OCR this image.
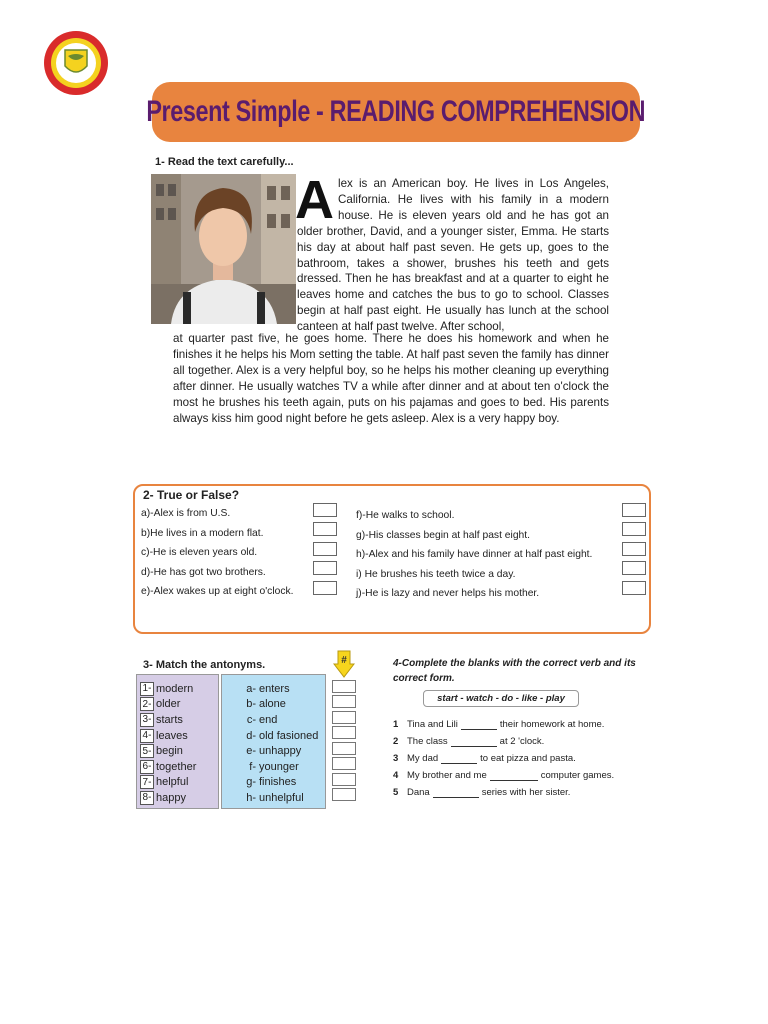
Present Simple - READING COMPREHENSION
1- Read the text carefully...
A lex is an American boy. He lives in Los Angeles, California. He lives with his family in a modern house. He is eleven years old and he has got an older brother, David, and a younger sister, Emma. He starts his day at about half past seven. He gets up, goes to the bathroom, takes a shower, brushes his teeth and gets dressed. Then he has breakfast and at a quarter to eight he leaves home and catches the bus to go to school. Classes begin at half past eight. He usually has lunch at the school canteen at half past twelve. After school,
at quarter past five, he goes home. There he does his homework and when he finishes it he helps his Mom setting the table. At half past seven the family has dinner all together. Alex is a very helpful boy, so he helps his mother cleaning up everything after dinner. He usually watches TV a while after dinner and at about ten o'clock the most he brushes his teeth again, puts on his pajamas and goes to bed. His parents always kiss him good night before he gets asleep. Alex is a very happy boy.
2- True or False?
a)-Alex is from U.S.
b)He lives in a modern flat.
c)-He is eleven years old.
d)-He has got two brothers.
e)-Alex wakes up at eight o'clock.
f)-He walks to school.
g)-His classes begin at half past eight.
h)-Alex and his family have dinner at half past eight.
i) He brushes his teeth twice a day.
j)-He is lazy and never helps his mother.
3- Match the antonyms.	#
1- modern
2- older
3- starts
4- leaves
5- begin
6- together
7- helpful
8- happy
a- enters
b- alone
c- end
d- old fasioned
e- unhappy
f- younger
g- finishes
h- unhelpful
4-Complete the blanks with the correct verb and its correct form.
start - watch - do - like - play
1 Tina and Lili	their homework at home.
2 The class	at 2 'clock.
3 My dad	to eat pizza and pasta.
4 My brother and me	computer games.
5 Dana	series with her sister.
